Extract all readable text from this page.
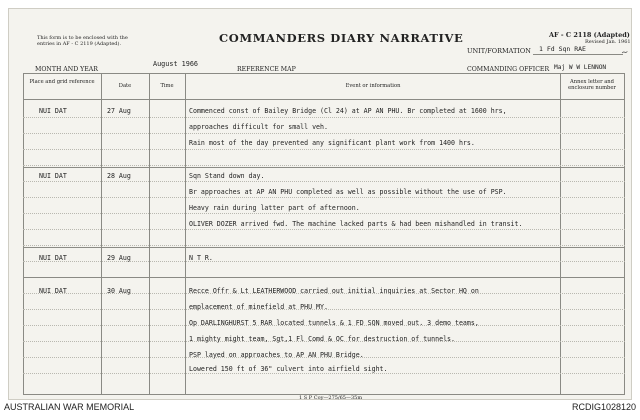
This form is to be enclosed with the
entries in AF - C 2119 (Adapted).	COMMANDERS DIARY NARRATIVE	AF - C 2118 (Adapted)
Revised Jan. 1961
UNIT/FORMATION 1 Fd Sqn RAE
MONTH AND YEAR
August 1966
REFERENCE MAP	COMMANDING OFFICER Maj W W LENNON
~
Place and grid reference
Date	Time	Event or information
Annex letter and enclosure number
NUI DAT	27 Aug	Commenced const of Bailey Bridge (Cl 24) at AP AN PHU. Br completed at 1600 hrs,
approaches difficult for small veh.
Rain most of the day prevented any significant plant work from 1400 hrs.
NUI DAT	28 Aug	Sqn Stand down day.
Br approaches at AP AN PHU completed as well as possible without the use of PSP.
Heavy rain during latter part of afternoon.
OLIVER DOZER arrived fwd. The machine lacked parts & had been mishandled in transit.
NUI DAT	29 Aug	N T R.
NUI DAT	30 Aug	Recce Offr & Lt LEATHERWOOD carried out initial inquiries at Sector HQ on
emplacement of minefield at PHU MY.
Op DARLINGHURST 5 RAR located tunnels & 1 FD SQN moved out. 3 demo teams,
1 mighty might team, Sgt,1 Fl Comd & OC for destruction of tunnels.
PSP layed on approaches to AP AN PHU Bridge.
Lowered 150 ft of 36" culvert into airfield sight.
1 S P Coy—275/65—35m
AUSTRALIAN WAR MEMORIAL	RCDIG1028120
